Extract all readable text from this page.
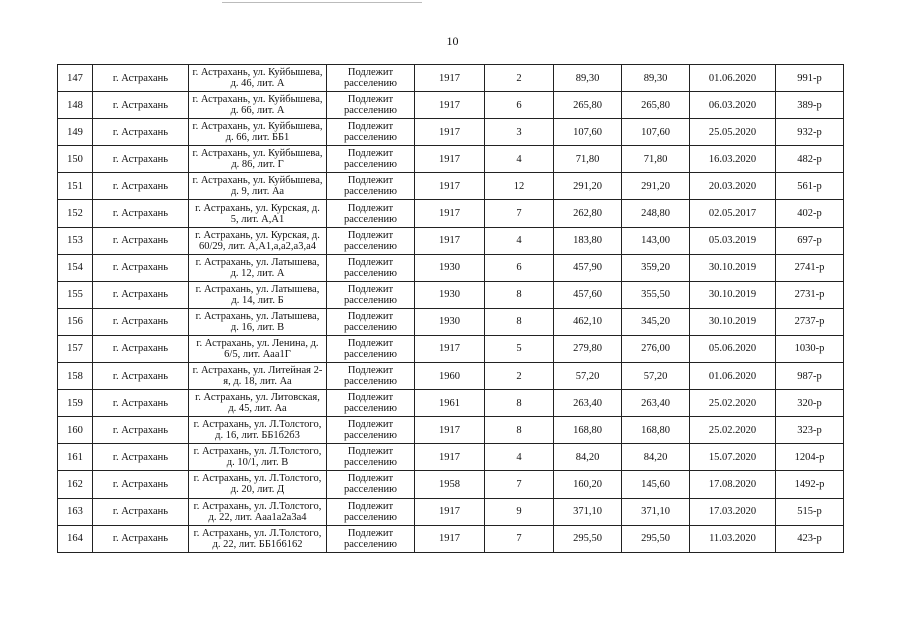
10
147	г. Астрахань	г. Астрахань, ул. Куйбышева, д. 46, лит. А	Подлежит расселению	1917	2	89,30	89,30	01.06.2020	991-р
148	г. Астрахань	г. Астрахань, ул. Куйбышева, д. 66, лит. А	Подлежит расселению	1917	6	265,80	265,80	06.03.2020	389-р
149	г. Астрахань	г. Астрахань, ул. Куйбышева, д. 66, лит. ББ1	Подлежит расселению	1917	3	107,60	107,60	25.05.2020	932-р
150	г. Астрахань	г. Астрахань, ул. Куйбышева, д. 86, лит. Г	Подлежит расселению	1917	4	71,80	71,80	16.03.2020	482-р
151	г. Астрахань	г. Астрахань, ул. Куйбышева, д. 9, лит. Аа	Подлежит расселению	1917	12	291,20	291,20	20.03.2020	561-р
152	г. Астрахань	г. Астрахань, ул. Курская, д. 5, лит. А,А1	Подлежит расселению	1917	7	262,80	248,80	02.05.2017	402-р
153	г. Астрахань	г. Астрахань, ул. Курская, д. 60/29, лит. А,А1,а,а2,а3,а4	Подлежит расселению	1917	4	183,80	143,00	05.03.2019	697-р
154	г. Астрахань	г. Астрахань, ул. Латышева, д. 12, лит. А	Подлежит расселению	1930	6	457,90	359,20	30.10.2019	2741-р
155	г. Астрахань	г. Астрахань, ул. Латышева, д. 14, лит. Б	Подлежит расселению	1930	8	457,60	355,50	30.10.2019	2731-р
156	г. Астрахань	г. Астрахань, ул. Латышева, д. 16, лит. В	Подлежит расселению	1930	8	462,10	345,20	30.10.2019	2737-р
157	г. Астрахань	г. Астрахань, ул. Ленина, д. 6/5, лит. Ааа1Г	Подлежит расселению	1917	5	279,80	276,00	05.06.2020	1030-р
158	г. Астрахань	г. Астрахань, ул. Литейная 2-я, д. 18, лит. Аа	Подлежит расселению	1960	2	57,20	57,20	01.06.2020	987-р
159	г. Астрахань	г. Астрахань, ул. Литовская, д. 45, лит. Аа	Подлежит расселению	1961	8	263,40	263,40	25.02.2020	320-р
160	г. Астрахань	г. Астрахань, ул. Л.Толстого, д. 16, лит. ББ1б2б3	Подлежит расселению	1917	8	168,80	168,80	25.02.2020	323-р
161	г. Астрахань	г. Астрахань, ул. Л.Толстого, д. 10/1, лит. В	Подлежит расселению	1917	4	84,20	84,20	15.07.2020	1204-р
162	г. Астрахань	г. Астрахань, ул. Л.Толстого, д. 20, лит. Д	Подлежит расселению	1958	7	160,20	145,60	17.08.2020	1492-р
163	г. Астрахань	г. Астрахань, ул. Л.Толстого, д. 22, лит. Ааа1а2а3а4	Подлежит расселению	1917	9	371,10	371,10	17.03.2020	515-р
164	г. Астрахань	г. Астрахань, ул. Л.Толстого, д. 22, лит. ББ1б6162	Подлежит расселению	1917	7	295,50	295,50	11.03.2020	423-р
